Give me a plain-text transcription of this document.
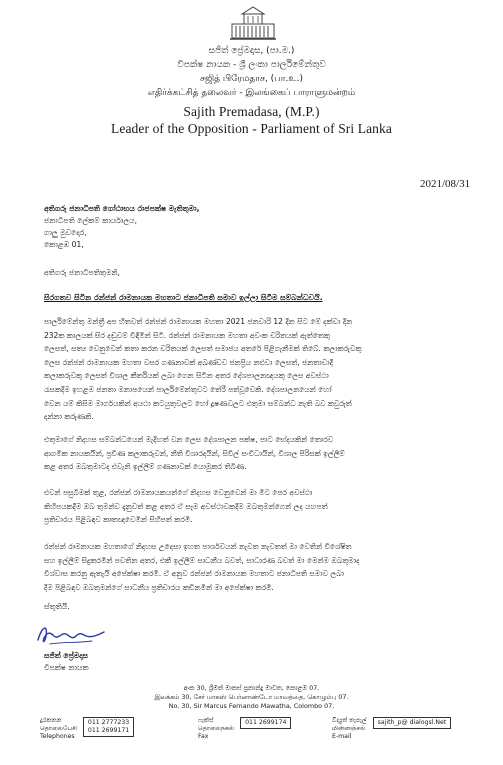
සජිත් ප්‍රේමදාස, (පා.ම.)
විපක්ෂ නායක - ශ්‍රී ලංකා පාර්ලිමේන්තුව
சஜித் பிரேமதாச, (பா.உ.)
எதிர்க்கட்சித் தலைவர் - இலங்கைப் பாராளுமன்றம்
Sajith Premadasa, (M.P.)
Leader of the Opposition - Parliament of Sri Lanka
2021/08/31
අතිගරු ජනාධිපති ගෝඨාභය රාජපක්ෂ මැතිතුමා,
ජනාධිපති ලේකම් කාර්යාලය,
ගාලු මුවදොර,
කොළඹ 01,
අතිගරු ජනාධිපතිතුමනි,
සිරගතව සිටින රන්ජන් රාමනායක මහතාට ජනාධිපති සමාව ඉල්ලා සිටීම සම්බන්ධවයි.
පාර්ලිමේන්තු මන්ත්‍රී අප හිතවත් රන්ජන් රාමනායක මහතා 2021 ජනවාරි 12 දින සිට මේ දක්වා දින
232ක කාලයක් සිර දඬුවම් විඳිමින් සිටී. රන්ජන් රාමනායක මහතා අවංක චරිතයක් ඇත්තෙකු
ලෙසත්, සත්‍ය වෙනුවෙන් කතා කරන චරිතයක් ලෙසත් සමාජය අතරේ පිළිගැනීමක් තිබේ. කලාකරුවකු
ලෙස රන්ජන් රාමනායක මහතා වසර ගණනාවක් අඛණ්ඩව ජනප්‍රිය නළුවා ලෙසත්, ජනතාවාදී
කලාකරුවකු ලෙසත් විශාල කීර්තියක් ලබා ගෙන සිටින අතර දේශපාලනඥයකු ලෙස අවස්ථා
රැසකදීම ඉහළම ජනතා මනාපයෙන් පාර්ලිමේන්තුවට තේරී පත්වූවෙකි. දේශපාලනයෙන් හෝ
වෙන යම් කිසිම මාර්ගයකින් අයථා කටයුතුවලට හෝ දූෂණවලට එතුමා සම්බන්ධ නැති බව කවුරුත්
දන්නා කරුණකි.
එතුමාගේ නිදහස සම්බන්ධයෙන් මැදිහත් වන ලෙස දේශපාලන පක්ෂ, පාට භේදයකින් තොරව
ආගමික නායකයින්, ප්‍රවීණ කලාකරුවන්, නීති විශාරදයින්, සිවිල් සංවිධායින්, විශාල පිරිසක් ඉල්ලීම්
කළ අතර ඔබතුමාටද එවැනි ඉල්ලීම් ගණනාවක් යොමුකර තිබිණ.
එවන් පසුබිමක් තුළ, රන්ජන් රාමනායකයන්ගේ නිදහස වෙනුවෙන් මා මීට පෙර අවස්ථා
කිහිපයකදීම ඔබ තුමන්ව දැනුවත් කළ අතර ඒ සෑම අවස්ථාවකදීම ඔබතුමන්ගෙන් ලද යහපත්
ප්‍රතිචාරය පිළිබඳව කෘතඥවෙමින් සිහිපත් කරමි.
රන්ජන් රාමනායක මහතාගේ නිදහස උදෙසා ඉහත පාර්ශවයන් නැවත නැවතත් මා වෙතින් විශේෂිත
සහ ඉල්ලීම් සිදුකරමින් පවතින අතර, එකී ඉල්ලීම් සාධනීය බවත්, සාධාරණ බවත් මා මෙන්ම ඔබතුමාද
විශ්වාස කරනු ඇතැයි අපේක්ෂා කරමි. ඒ අනුව රන්ජන් රාමනායක මහතාට ජනාධිපති සමාව ලබා
දීම පිළිබඳව ඔබතුමන්ගේ සාධනීය ප්‍රතිචාරය කඩිනමින් මා අපේක්ෂා කරමි.
ස්තූතියි.
සජිත් ප්‍රේමදාස
විපක්ෂ නායක
අංක 30, ශ්‍රීමත් මාකස් ප්‍රනාන්දු මාවත, කොළඹ 07.
இலக்கம் 30, சேர் மாகஸ் பெர்னாண்டோ மாவத்தை, கொழும்பு 07.
No. 30, Sir Marcus Fernando Mawatha, Colombo 07.
දුරකතන
தொலைபேசி
Telephones 011 2777233
011 2699171
ෆැක්ස්
தொலைநகல்
Fax 011 2699174	විද්‍යුත් තැපැල්
மின்னஞ்சல்
E-mail sajith_p@ dialogsl.Net
